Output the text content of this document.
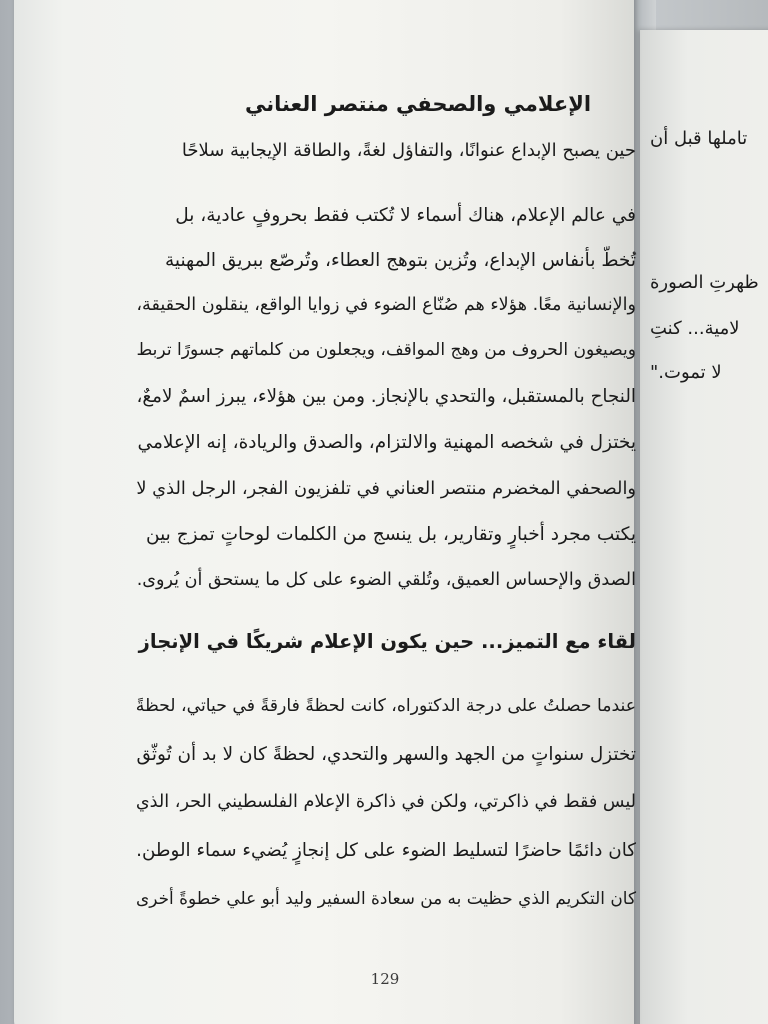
تاملها قبل أن
ظهرتِ الصورة
لامية... كنتِ
لا تموت."
الإعلامي والصحفي منتصر العناني
حين يصبح الإبداع عنوانًا، والتفاؤل لغةً، والطاقة الإيجابية سلاحًا
في عالم الإعلام، هناك أسماء لا تُكتب فقط بحروفٍ عادية، بل
تُخطّ بأنفاس الإبداع، وتُزين بتوهج العطاء، وتُرصّع ببريق المهنية
والإنسانية معًا. هؤلاء هم صُنّاع الضوء في زوايا الواقع، ينقلون الحقيقة،
ويصيغون الحروف من وهج المواقف، ويجعلون من كلماتهم جسورًا تربط
النجاح بالمستقبل، والتحدي بالإنجاز. ومن بين هؤلاء، يبرز اسمٌ لامعٌ،
يختزل في شخصه المهنية والالتزام، والصدق والريادة، إنه الإعلامي
والصحفي المخضرم منتصر العناني في تلفزيون الفجر، الرجل الذي لا
يكتب مجرد أخبارٍ وتقارير، بل ينسج من الكلمات لوحاتٍ تمزج بين
الصدق والإحساس العميق، وتُلقي الضوء على كل ما يستحق أن يُروى.
لقاء مع التميز... حين يكون الإعلام شريكًا في الإنجاز
عندما حصلتُ على درجة الدكتوراه، كانت لحظةً فارقةً في حياتي، لحظةً
تختزل سنواتٍ من الجهد والسهر والتحدي، لحظةً كان لا بد أن تُوثّق
ليس فقط في ذاكرتي، ولكن في ذاكرة الإعلام الفلسطيني الحر، الذي
كان دائمًا حاضرًا لتسليط الضوء على كل إنجازٍ يُضيء سماء الوطن.
كان التكريم الذي حظيت به من سعادة السفير وليد أبو علي خطوةً أخرى
129
